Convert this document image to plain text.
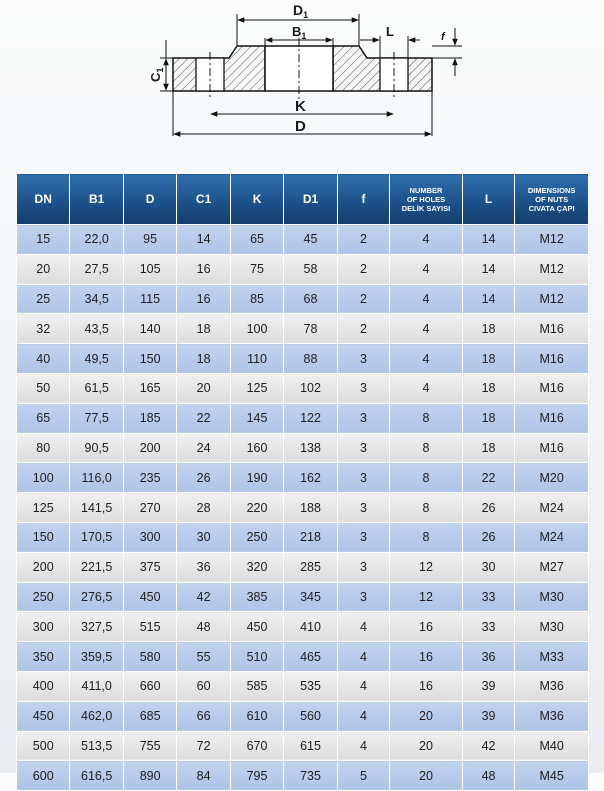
$D_1$
$B_1$	L
K
D
f
$C_1$
DN	B1	D	C1	K	D1	f	NUMBER
OF HOLES
DELİK SAYISI	L	DIMENSIONS
OF NUTS
CIVATA ÇAPI

15	22,0	95	14	65	45	2	4	14	M12
20	27,5	105	16	75	58	2	4	14	M12
25	34,5	115	16	85	68	2	4	14	M12
32	43,5	140	18	100	78	2	4	18	M16
40	49,5	150	18	110	88	3	4	18	M16
50	61,5	165	20	125	102	3	4	18	M16
65	77,5	185	22	145	122	3	8	18	M16
80	90,5	200	24	160	138	3	8	18	M16
100	116,0	235	26	190	162	3	8	22	M20
125	141,5	270	28	220	188	3	8	26	M24
150	170,5	300	30	250	218	3	8	26	M24
200	221,5	375	36	320	285	3	12	30	M27
250	276,5	450	42	385	345	3	12	33	M30
300	327,5	515	48	450	410	4	16	33	M30
350	359,5	580	55	510	465	4	16	36	M33
400	411,0	660	60	585	535	4	16	39	M36
450	462,0	685	66	610	560	4	20	39	M36
500	513,5	755	72	670	615	4	20	42	M40
600	616,5	890	84	795	735	5	20	48	M45
